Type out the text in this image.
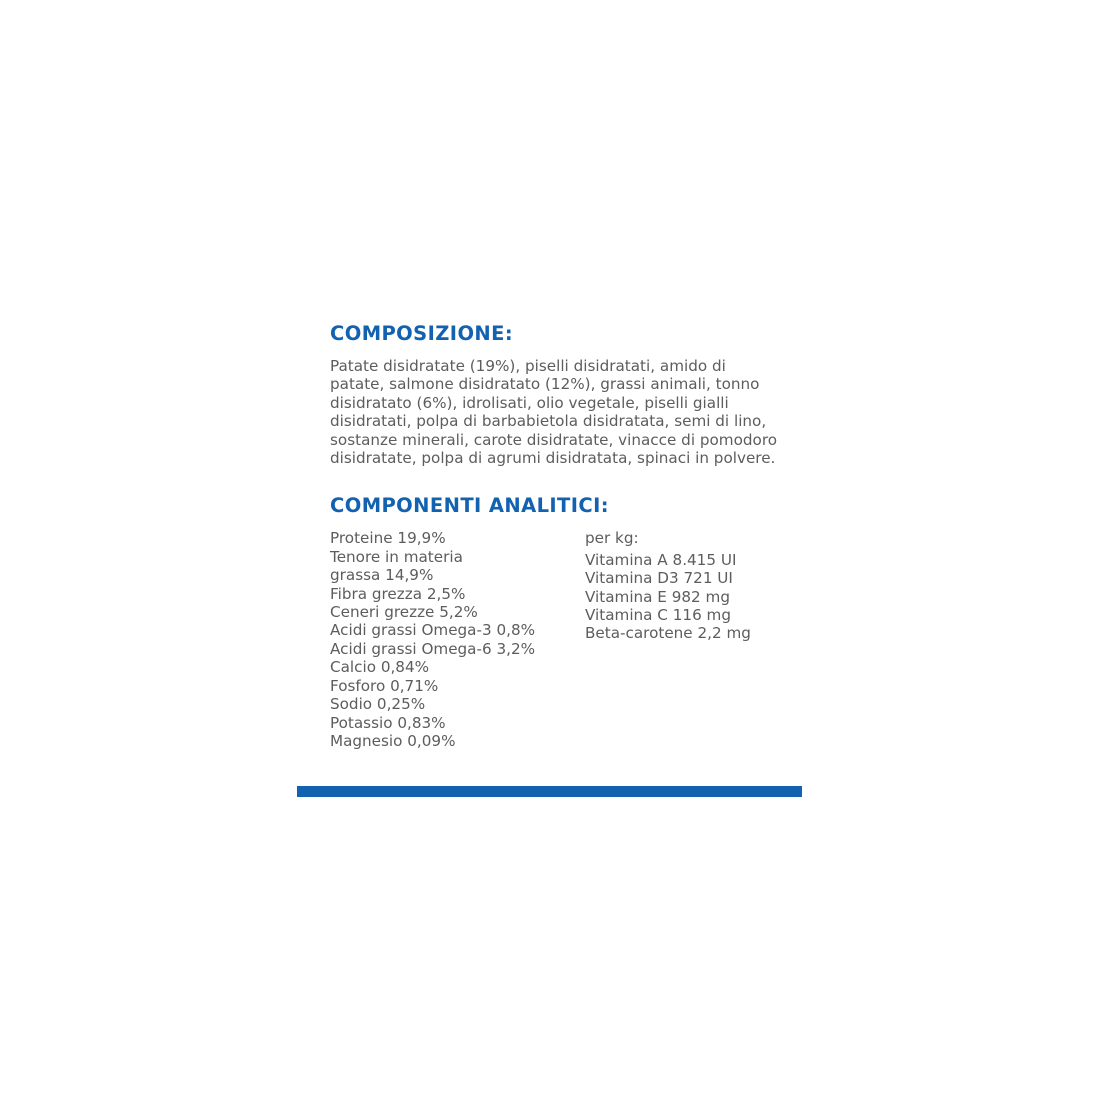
COMPOSIZIONE:

Patate disidratate (19%), piselli disidratati, amido di patate, salmone disidratato (12%), grassi animali, tonno disidratato (6%), idrolisati, olio vegetale, piselli gialli disidratati, polpa di barbabietola disidratata, semi di lino, sostanze minerali, carote disidratate, vinacce di pomodoro disidratate, polpa di agrumi disidratata, spinaci in polvere.

COMPONENTI ANALITICI:
Proteine 19,9%
Tenore in materia
grassa 14,9%
Fibra grezza 2,5%
Ceneri grezze 5,2%
Acidi grassi Omega-3 0,8%
Acidi grassi Omega-6 3,2%
Calcio 0,84%
Fosforo 0,71%
Sodio 0,25%
Potassio 0,83%
Magnesio 0,09%
per kg:
Vitamina A 8.415 UI
Vitamina D3 721 UI
Vitamina E 982 mg
Vitamina C 116 mg
Beta-carotene 2,2 mg
